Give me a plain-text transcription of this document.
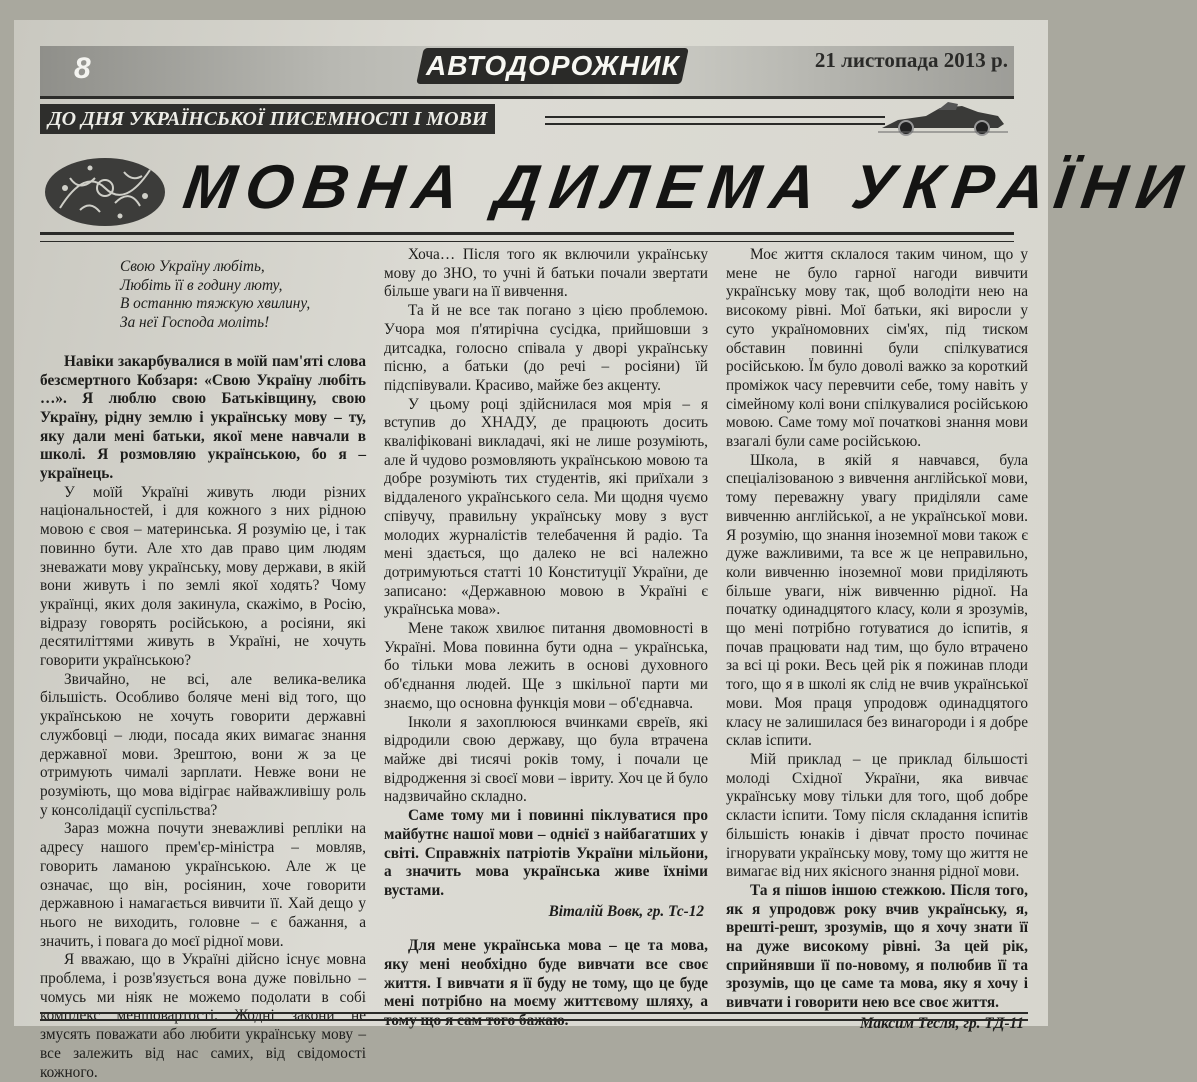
8	АВТОДОРОЖНИК	21 листопада 2013 р.
ДО ДНЯ УКРАЇНСЬКОЇ ПИСЕМНОСТІ І МОВИ
МОВНА ДИЛЕМА УКРАЇНИ
Свою Україну любіть,
Любіть її в годину люту,
В останню тяжкую хвилину,
За неї Господа моліть!

Навіки закарбувалися в моїй пам'яті слова безсмертного Кобзаря: «Свою Україну любіть …». Я люблю свою Батьківщину, свою Україну, рідну землю і українську мову – ту, яку дали мені батьки, якої мене навчали в школі. Я розмовляю українською, бо я – українець.

У моїй Україні живуть люди різних національностей, і для кожного з них рідною мовою є своя – материнська. Я розумію це, і так повинно бути. Але хто дав право цим людям зневажати мову українську, мову держави, в якій вони живуть і по землі якої ходять? Чому українці, яких доля закинула, скажімо, в Росію, відразу говорять російською, а росіяни, які десятиліттями живуть в Україні, не хочуть говорити українською?

Звичайно, не всі, але велика-велика більшість. Особливо боляче мені від того, що українською не хочуть говорити державні службовці – люди, посада яких вимагає знання державної мови. Зрештою, вони ж за це отримують чималі зарплати. Невже вони не розуміють, що мова відіграє найважливішу роль у консолідації суспільства?

Зараз можна почути зневажливі репліки на адресу нашого прем'єр-міністра – мовляв, говорить ламаною українською. Але ж це означає, що він, росіянин, хоче говорити державною і намагається вивчити її. Хай дещо у нього не виходить, головне – є бажання, а значить, і повага до моєї рідної мови.

Я вважаю, що в Україні дійсно існує мовна проблема, і розв'язується вона дуже повільно – чомусь ми ніяк не можемо подолати в собі комплекс меншовартості. Жодні закони не змусять поважати або любити українську мову – все залежить від нас самих, від свідомості кожного.

Хоча… Після того як включили українську мову до ЗНО, то учні й батьки почали звертати більше уваги на її вивчення.

Та й не все так погано з цією проблемою. Учора моя п'ятирічна сусідка, прийшовши з дитсадка, голосно співала у дворі українську пісню, а батьки (до речі – росіяни) їй підспівували. Красиво, майже без акценту.

У цьому році здійснилася моя мрія – я вступив до ХНАДУ, де працюють досить кваліфіковані викладачі, які не лише розуміють, але й чудово розмовляють українською мовою та добре розуміють тих студентів, які приїхали з віддаленого українського села. Ми щодня чуємо співучу, правильну українську мову з вуст молодих журналістів телебачення й радіо. Та мені здається, що далеко не всі належно дотримуються статті 10 Конституції України, де записано: «Державною мовою в Україні є українська мова».

Мене також хвилює питання двомовності в Україні. Мова повинна бути одна – українська, бо тільки мова лежить в основі духовного об'єднання людей. Ще з шкільної парти ми знаємо, що основна функція мови – об'єднавча.

Інколи я захоплююся вчинками євреїв, які відродили свою державу, що була втрачена майже дві тисячі років тому, і почали це відродження зі своєї мови – івриту. Хоч це й було надзвичайно складно.

Саме тому ми і повинні піклуватися про майбутнє нашої мови – однієї з найбагатших у світі. Справжніх патріотів України мільйони, а значить мова українська живе їхніми вустами.

Віталій Вовк, гр. Тс-12

Для мене українська мова – це та мова, яку мені необхідно буде вивчати все своє життя. І вивчати я її буду не тому, що це буде мені потрібно на моєму життєвому шляху, а тому що я сам того бажаю.

Моє життя склалося таким чином, що у мене не було гарної нагоди вивчити українську мову так, щоб володіти нею на високому рівні. Мої батьки, які виросли у суто україномовних сім'ях, під тиском обставин повинні були спілкуватися російською. Їм було доволі важко за короткий проміжок часу перевчити себе, тому навіть у сімейному колі вони спілкувалися російською мовою. Саме тому мої початкові знання мови взагалі були саме російською.

Школа, в якій я навчався, була спеціалізованою з вивчення англійської мови, тому переважну увагу приділяли саме вивченню англійської, а не української мови. Я розумію, що знання іноземної мови також є дуже важливими, та все ж це неправильно, коли вивченню іноземної мови приділяють більше уваги, ніж вивченню рідної. На початку одинадцятого класу, коли я зрозумів, що мені потрібно готуватися до іспитів, я почав працювати над тим, що було втрачено за всі ці роки. Весь цей рік я пожинав плоди того, що я в школі як слід не вчив української мови. Моя праця упродовж одинадцятого класу не залишилася без винагороди і я добре склав іспити.

Мій приклад – це приклад більшості молоді Східної України, яка вивчає українську мову тільки для того, щоб добре скласти іспити. Тому після складання іспитів більшість юнаків і дівчат просто починає ігнорувати українську мову, тому що життя не вимагає від них якісного знання рідної мови.

Та я пішов іншою стежкою. Після того, як я упродовж року вчив українську, я, врешті-решт, зрозумів, що я хочу знати її на дуже високому рівні. За цей рік, сприйнявши її по-новому, я полюбив її та зрозумів, що це саме та мова, яку я хочу і вивчати і говорити нею все своє життя.

Максим Тесля, гр. ТД-11
